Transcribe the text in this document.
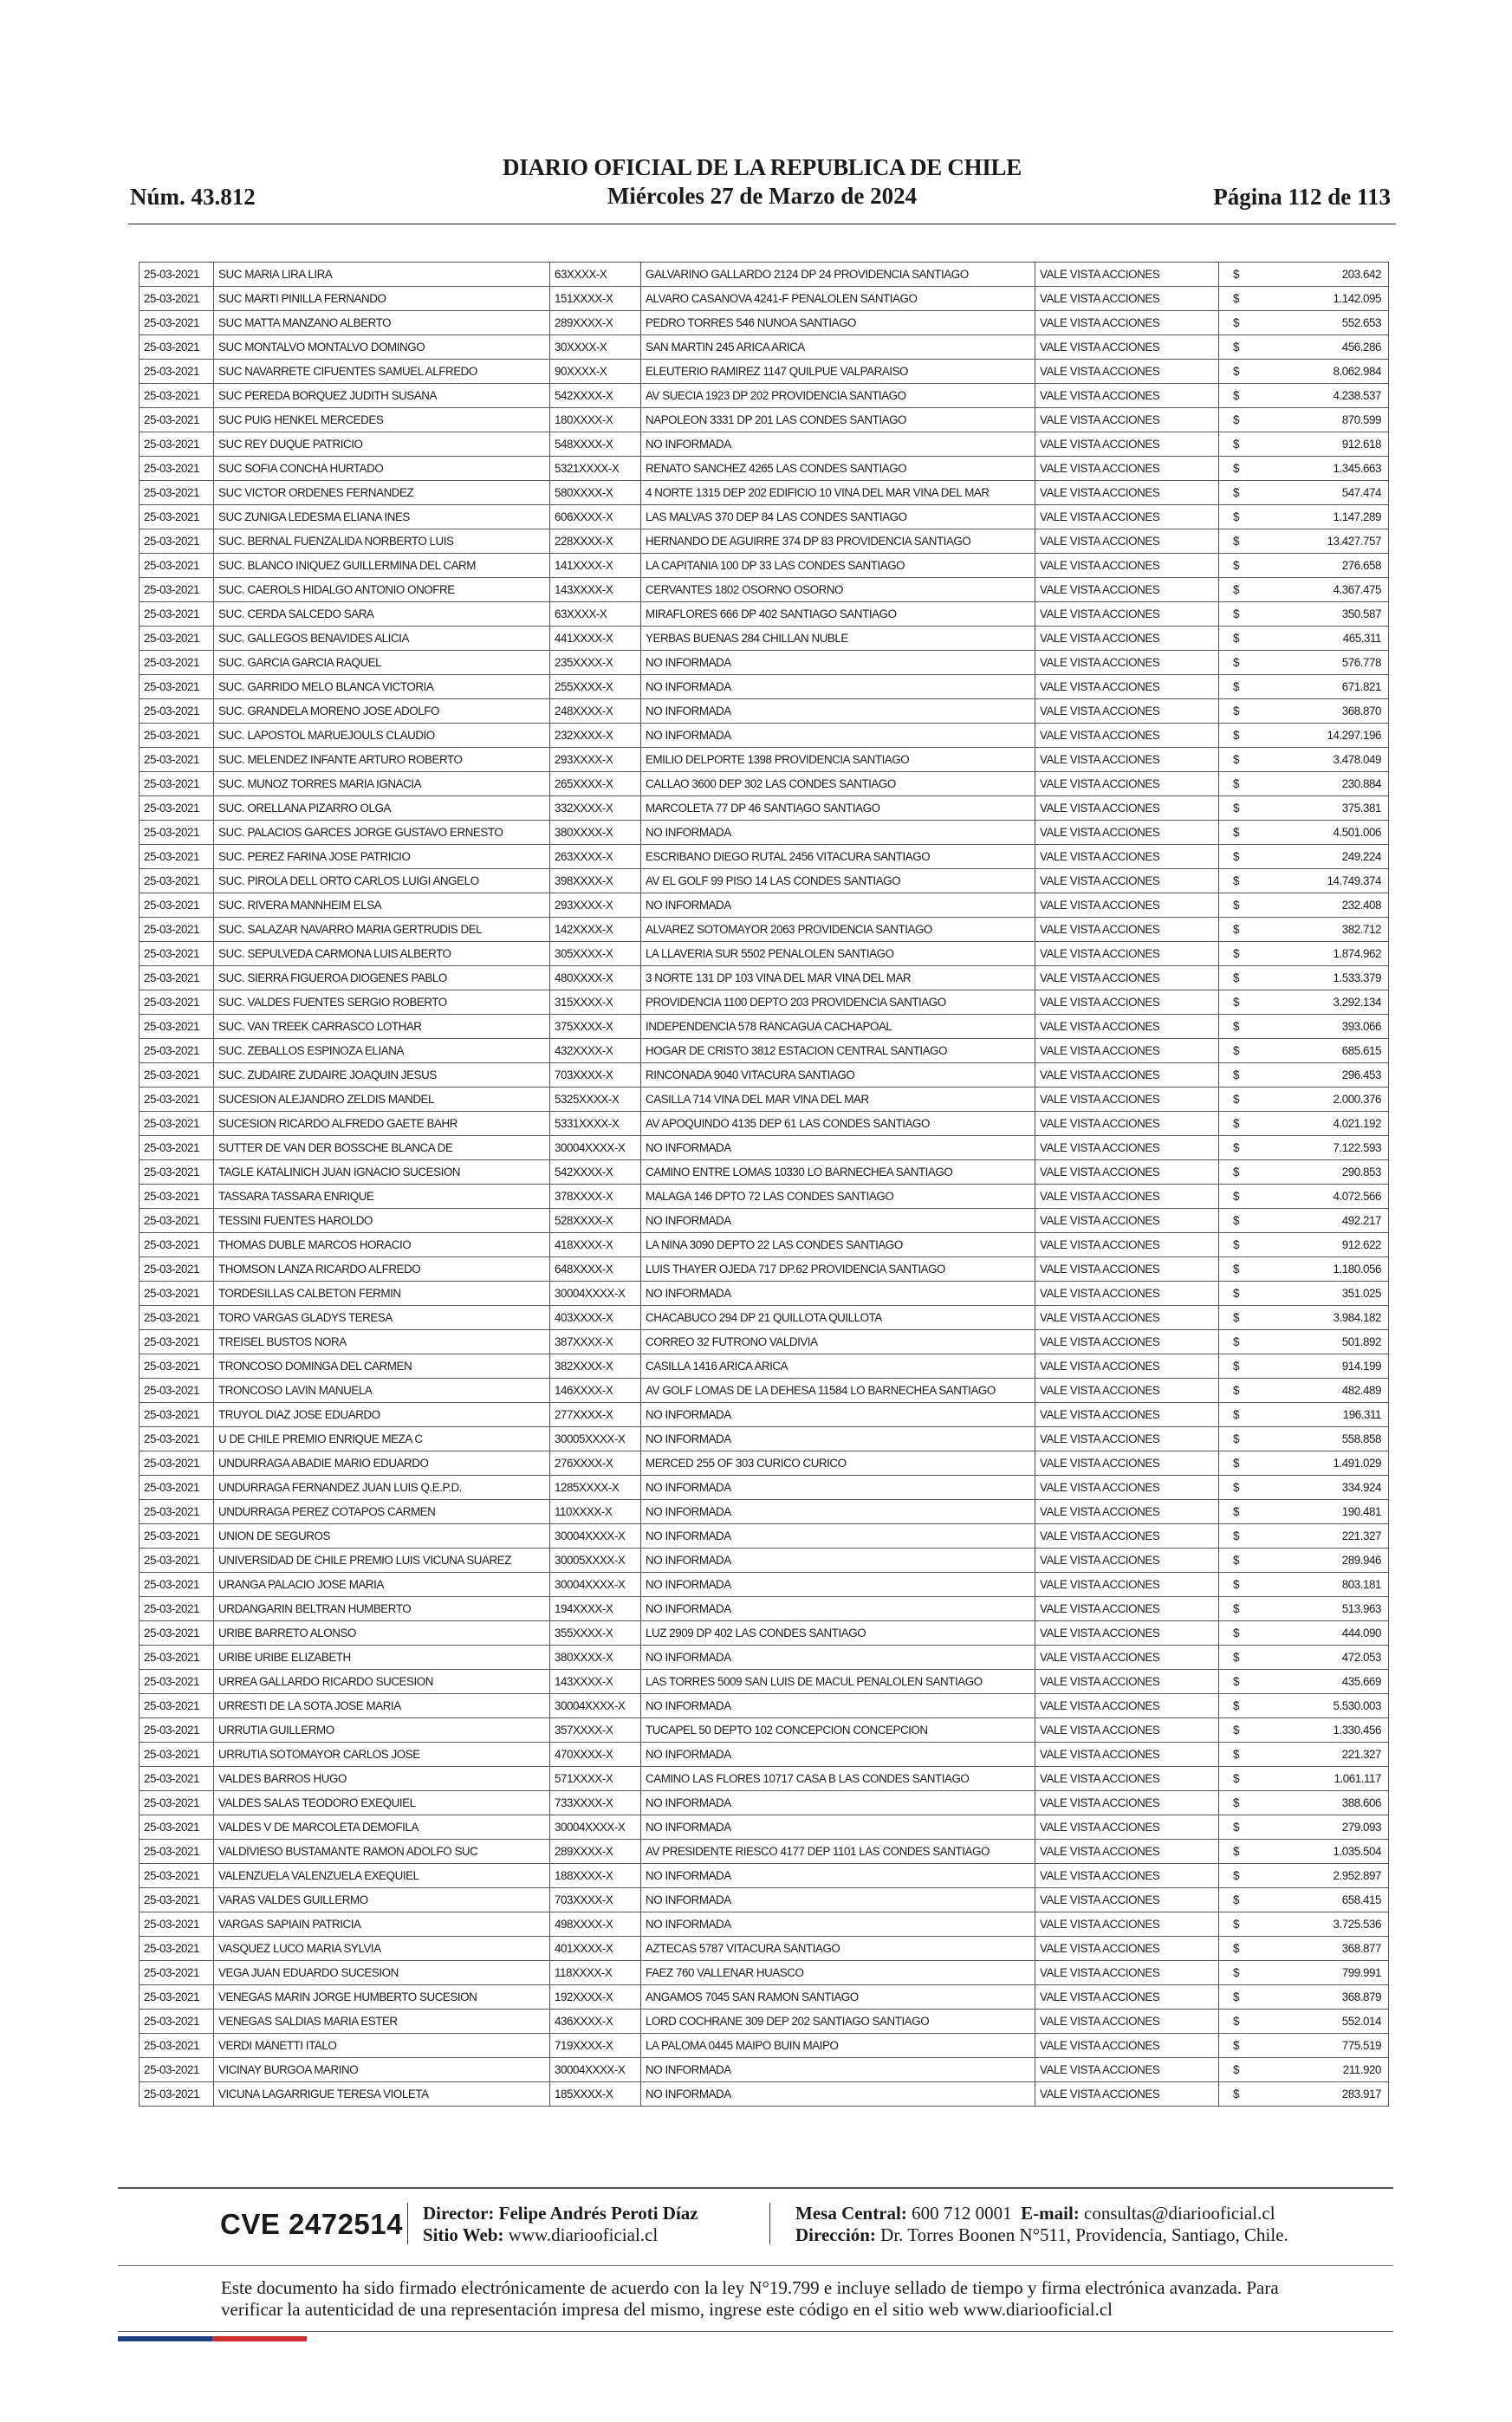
Núm. 43.812
DIARIO OFICIAL DE LA REPUBLICA DE CHILE
Miércoles 27 de Marzo de 2024	Página 112 de 113
25-03-2021	SUC MARIA LIRA LIRA	63XXXX-X	GALVARINO GALLARDO 2124 DP 24 PROVIDENCIA SANTIAGO	VALE VISTA ACCIONES	$	203.642
25-03-2021	SUC MARTI PINILLA FERNANDO	151XXXX-X	ALVARO CASANOVA 4241-F PENALOLEN SANTIAGO	VALE VISTA ACCIONES	$	1.142.095
25-03-2021	SUC MATTA MANZANO ALBERTO	289XXXX-X	PEDRO TORRES 546 NUNOA SANTIAGO	VALE VISTA ACCIONES	$	552.653
25-03-2021	SUC MONTALVO MONTALVO DOMINGO	30XXXX-X	SAN MARTIN 245 ARICA ARICA	VALE VISTA ACCIONES	$	456.286
25-03-2021	SUC NAVARRETE CIFUENTES SAMUEL ALFREDO	90XXXX-X	ELEUTERIO RAMIREZ 1147 QUILPUE VALPARAISO	VALE VISTA ACCIONES	$	8.062.984
25-03-2021	SUC PEREDA BORQUEZ JUDITH SUSANA	542XXXX-X	AV SUECIA 1923 DP 202 PROVIDENCIA SANTIAGO	VALE VISTA ACCIONES	$	4.238.537
25-03-2021	SUC PUIG HENKEL MERCEDES	180XXXX-X	NAPOLEON 3331 DP 201 LAS CONDES SANTIAGO	VALE VISTA ACCIONES	$	870.599
25-03-2021	SUC REY DUQUE PATRICIO	548XXXX-X	NO INFORMADA	VALE VISTA ACCIONES	$	912.618
25-03-2021	SUC SOFIA CONCHA HURTADO	5321XXXX-X	RENATO SANCHEZ 4265 LAS CONDES SANTIAGO	VALE VISTA ACCIONES	$	1.345.663
25-03-2021	SUC VICTOR ORDENES FERNANDEZ	580XXXX-X	4 NORTE 1315 DEP 202 EDIFICIO 10 VINA DEL MAR VINA DEL MAR	VALE VISTA ACCIONES	$	547.474
25-03-2021	SUC ZUNIGA LEDESMA ELIANA INES	606XXXX-X	LAS MALVAS 370 DEP 84 LAS CONDES SANTIAGO	VALE VISTA ACCIONES	$	1.147.289
25-03-2021	SUC. BERNAL FUENZALIDA NORBERTO LUIS	228XXXX-X	HERNANDO DE AGUIRRE 374 DP 83 PROVIDENCIA SANTIAGO	VALE VISTA ACCIONES	$	13.427.757
25-03-2021	SUC. BLANCO INIQUEZ GUILLERMINA DEL CARM	141XXXX-X	LA CAPITANIA 100 DP 33 LAS CONDES SANTIAGO	VALE VISTA ACCIONES	$	276.658
25-03-2021	SUC. CAEROLS HIDALGO ANTONIO ONOFRE	143XXXX-X	CERVANTES 1802 OSORNO OSORNO	VALE VISTA ACCIONES	$	4.367.475
25-03-2021	SUC. CERDA SALCEDO SARA	63XXXX-X	MIRAFLORES 666 DP 402 SANTIAGO SANTIAGO	VALE VISTA ACCIONES	$	350.587
25-03-2021	SUC. GALLEGOS BENAVIDES ALICIA	441XXXX-X	YERBAS BUENAS 284 CHILLAN NUBLE	VALE VISTA ACCIONES	$	465.311
25-03-2021	SUC. GARCIA GARCIA RAQUEL	235XXXX-X	NO INFORMADA	VALE VISTA ACCIONES	$	576.778
25-03-2021	SUC. GARRIDO MELO BLANCA VICTORIA	255XXXX-X	NO INFORMADA	VALE VISTA ACCIONES	$	671.821
25-03-2021	SUC. GRANDELA MORENO JOSE ADOLFO	248XXXX-X	NO INFORMADA	VALE VISTA ACCIONES	$	368.870
25-03-2021	SUC. LAPOSTOL MARUEJOULS CLAUDIO	232XXXX-X	NO INFORMADA	VALE VISTA ACCIONES	$	14.297.196
25-03-2021	SUC. MELENDEZ INFANTE ARTURO ROBERTO	293XXXX-X	EMILIO DELPORTE 1398 PROVIDENCIA SANTIAGO	VALE VISTA ACCIONES	$	3.478.049
25-03-2021	SUC. MUNOZ TORRES MARIA IGNACIA	265XXXX-X	CALLAO 3600 DEP 302 LAS CONDES SANTIAGO	VALE VISTA ACCIONES	$	230.884
25-03-2021	SUC. ORELLANA PIZARRO OLGA	332XXXX-X	MARCOLETA 77 DP 46 SANTIAGO SANTIAGO	VALE VISTA ACCIONES	$	375.381
25-03-2021	SUC. PALACIOS GARCES JORGE GUSTAVO ERNESTO	380XXXX-X	NO INFORMADA	VALE VISTA ACCIONES	$	4.501.006
25-03-2021	SUC. PEREZ FARINA JOSE PATRICIO	263XXXX-X	ESCRIBANO DIEGO RUTAL 2456 VITACURA SANTIAGO	VALE VISTA ACCIONES	$	249.224
25-03-2021	SUC. PIROLA DELL ORTO CARLOS LUIGI ANGELO	398XXXX-X	AV EL GOLF 99 PISO 14 LAS CONDES SANTIAGO	VALE VISTA ACCIONES	$	14.749.374
25-03-2021	SUC. RIVERA MANNHEIM ELSA	293XXXX-X	NO INFORMADA	VALE VISTA ACCIONES	$	232.408
25-03-2021	SUC. SALAZAR NAVARRO MARIA GERTRUDIS DEL	142XXXX-X	ALVAREZ SOTOMAYOR 2063 PROVIDENCIA SANTIAGO	VALE VISTA ACCIONES	$	382.712
25-03-2021	SUC. SEPULVEDA CARMONA LUIS ALBERTO	305XXXX-X	LA LLAVERIA SUR 5502 PENALOLEN SANTIAGO	VALE VISTA ACCIONES	$	1.874.962
25-03-2021	SUC. SIERRA FIGUEROA DIOGENES PABLO	480XXXX-X	3 NORTE 131 DP 103 VINA DEL MAR VINA DEL MAR	VALE VISTA ACCIONES	$	1.533.379
25-03-2021	SUC. VALDES FUENTES SERGIO ROBERTO	315XXXX-X	PROVIDENCIA 1100 DEPTO 203 PROVIDENCIA SANTIAGO	VALE VISTA ACCIONES	$	3.292.134
25-03-2021	SUC. VAN TREEK CARRASCO LOTHAR	375XXXX-X	INDEPENDENCIA 578 RANCAGUA CACHAPOAL	VALE VISTA ACCIONES	$	393.066
25-03-2021	SUC. ZEBALLOS ESPINOZA ELIANA	432XXXX-X	HOGAR DE CRISTO 3812 ESTACION CENTRAL SANTIAGO	VALE VISTA ACCIONES	$	685.615
25-03-2021	SUC. ZUDAIRE ZUDAIRE JOAQUIN JESUS	703XXXX-X	RINCONADA 9040 VITACURA SANTIAGO	VALE VISTA ACCIONES	$	296.453
25-03-2021	SUCESION ALEJANDRO ZELDIS MANDEL	5325XXXX-X	CASILLA 714 VINA DEL MAR VINA DEL MAR	VALE VISTA ACCIONES	$	2.000.376
25-03-2021	SUCESION RICARDO ALFREDO GAETE BAHR	5331XXXX-X	AV APOQUINDO 4135 DEP 61 LAS CONDES SANTIAGO	VALE VISTA ACCIONES	$	4.021.192
25-03-2021	SUTTER DE VAN DER BOSSCHE BLANCA DE	30004XXXX-X	NO INFORMADA	VALE VISTA ACCIONES	$	7.122.593
25-03-2021	TAGLE KATALINICH JUAN IGNACIO SUCESION	542XXXX-X	CAMINO ENTRE LOMAS 10330 LO BARNECHEA SANTIAGO	VALE VISTA ACCIONES	$	290.853
25-03-2021	TASSARA TASSARA ENRIQUE	378XXXX-X	MALAGA 146 DPTO 72 LAS CONDES SANTIAGO	VALE VISTA ACCIONES	$	4.072.566
25-03-2021	TESSINI FUENTES HAROLDO	528XXXX-X	NO INFORMADA	VALE VISTA ACCIONES	$	492.217
25-03-2021	THOMAS DUBLE MARCOS HORACIO	418XXXX-X	LA NINA 3090 DEPTO 22 LAS CONDES SANTIAGO	VALE VISTA ACCIONES	$	912.622
25-03-2021	THOMSON LANZA RICARDO ALFREDO	648XXXX-X	LUIS THAYER OJEDA 717 DP.62 PROVIDENCIA SANTIAGO	VALE VISTA ACCIONES	$	1.180.056
25-03-2021	TORDESILLAS CALBETON FERMIN	30004XXXX-X	NO INFORMADA	VALE VISTA ACCIONES	$	351.025
25-03-2021	TORO VARGAS GLADYS TERESA	403XXXX-X	CHACABUCO 294 DP 21 QUILLOTA QUILLOTA	VALE VISTA ACCIONES	$	3.984.182
25-03-2021	TREISEL BUSTOS NORA	387XXXX-X	CORREO 32 FUTRONO VALDIVIA	VALE VISTA ACCIONES	$	501.892
25-03-2021	TRONCOSO DOMINGA DEL CARMEN	382XXXX-X	CASILLA 1416 ARICA ARICA	VALE VISTA ACCIONES	$	914.199
25-03-2021	TRONCOSO LAVIN MANUELA	146XXXX-X	AV GOLF LOMAS DE LA DEHESA 11584 LO BARNECHEA SANTIAGO	VALE VISTA ACCIONES	$	482.489
25-03-2021	TRUYOL DIAZ JOSE EDUARDO	277XXXX-X	NO INFORMADA	VALE VISTA ACCIONES	$	196.311
25-03-2021	U DE CHILE PREMIO ENRIQUE MEZA C	30005XXXX-X	NO INFORMADA	VALE VISTA ACCIONES	$	558.858
25-03-2021	UNDURRAGA ABADIE MARIO EDUARDO	276XXXX-X	MERCED 255 OF 303 CURICO CURICO	VALE VISTA ACCIONES	$	1.491.029
25-03-2021	UNDURRAGA FERNANDEZ JUAN LUIS Q.E.P.D.	1285XXXX-X	NO INFORMADA	VALE VISTA ACCIONES	$	334.924
25-03-2021	UNDURRAGA PEREZ COTAPOS CARMEN	110XXXX-X	NO INFORMADA	VALE VISTA ACCIONES	$	190.481
25-03-2021	UNION DE SEGUROS	30004XXXX-X	NO INFORMADA	VALE VISTA ACCIONES	$	221.327
25-03-2021	UNIVERSIDAD DE CHILE PREMIO LUIS VICUNA SUAREZ	30005XXXX-X	NO INFORMADA	VALE VISTA ACCIONES	$	289.946
25-03-2021	URANGA PALACIO JOSE MARIA	30004XXXX-X	NO INFORMADA	VALE VISTA ACCIONES	$	803.181
25-03-2021	URDANGARIN BELTRAN HUMBERTO	194XXXX-X	NO INFORMADA	VALE VISTA ACCIONES	$	513.963
25-03-2021	URIBE BARRETO ALONSO	355XXXX-X	LUZ 2909 DP 402 LAS CONDES SANTIAGO	VALE VISTA ACCIONES	$	444.090
25-03-2021	URIBE URIBE ELIZABETH	380XXXX-X	NO INFORMADA	VALE VISTA ACCIONES	$	472.053
25-03-2021	URREA GALLARDO RICARDO SUCESION	143XXXX-X	LAS TORRES 5009 SAN LUIS DE MACUL PENALOLEN SANTIAGO	VALE VISTA ACCIONES	$	435.669
25-03-2021	URRESTI DE LA SOTA JOSE MARIA	30004XXXX-X	NO INFORMADA	VALE VISTA ACCIONES	$	5.530.003
25-03-2021	URRUTIA GUILLERMO	357XXXX-X	TUCAPEL 50 DEPTO 102 CONCEPCION CONCEPCION	VALE VISTA ACCIONES	$	1.330.456
25-03-2021	URRUTIA SOTOMAYOR CARLOS JOSE	470XXXX-X	NO INFORMADA	VALE VISTA ACCIONES	$	221.327
25-03-2021	VALDES BARROS HUGO	571XXXX-X	CAMINO LAS FLORES 10717 CASA B LAS CONDES SANTIAGO	VALE VISTA ACCIONES	$	1.061.117
25-03-2021	VALDES SALAS TEODORO EXEQUIEL	733XXXX-X	NO INFORMADA	VALE VISTA ACCIONES	$	388.606
25-03-2021	VALDES V DE MARCOLETA DEMOFILA	30004XXXX-X	NO INFORMADA	VALE VISTA ACCIONES	$	279.093
25-03-2021	VALDIVIESO BUSTAMANTE RAMON ADOLFO SUC	289XXXX-X	AV PRESIDENTE RIESCO 4177 DEP 1101 LAS CONDES SANTIAGO	VALE VISTA ACCIONES	$	1.035.504
25-03-2021	VALENZUELA VALENZUELA EXEQUIEL	188XXXX-X	NO INFORMADA	VALE VISTA ACCIONES	$	2.952.897
25-03-2021	VARAS VALDES GUILLERMO	703XXXX-X	NO INFORMADA	VALE VISTA ACCIONES	$	658.415
25-03-2021	VARGAS SAPIAIN PATRICIA	498XXXX-X	NO INFORMADA	VALE VISTA ACCIONES	$	3.725.536
25-03-2021	VASQUEZ LUCO MARIA SYLVIA	401XXXX-X	AZTECAS 5787 VITACURA SANTIAGO	VALE VISTA ACCIONES	$	368.877
25-03-2021	VEGA JUAN EDUARDO SUCESION	118XXXX-X	FAEZ 760 VALLENAR HUASCO	VALE VISTA ACCIONES	$	799.991
25-03-2021	VENEGAS MARIN JORGE HUMBERTO SUCESION	192XXXX-X	ANGAMOS 7045 SAN RAMON SANTIAGO	VALE VISTA ACCIONES	$	368.879
25-03-2021	VENEGAS SALDIAS MARIA ESTER	436XXXX-X	LORD COCHRANE 309 DEP 202 SANTIAGO SANTIAGO	VALE VISTA ACCIONES	$	552.014
25-03-2021	VERDI MANETTI ITALO	719XXXX-X	LA PALOMA 0445 MAIPO BUIN MAIPO	VALE VISTA ACCIONES	$	775.519
25-03-2021	VICINAY BURGOA MARINO	30004XXXX-X	NO INFORMADA	VALE VISTA ACCIONES	$	211.920
25-03-2021	VICUNA LAGARRIGUE TERESA VIOLETA	185XXXX-X	NO INFORMADA	VALE VISTA ACCIONES	$	283.917
CVE 2472514 Director: Felipe Andrés Peroti Díaz
Sitio Web: www.diariooficial.cl
Mesa Central: 600 712 0001 E-mail: consultas@diariooficial.cl
Dirección: Dr. Torres Boonen N°511, Providencia, Santiago, Chile.
Este documento ha sido firmado electrónicamente de acuerdo con la ley N°19.799 e incluye sellado de tiempo y firma electrónica avanzada. Para verificar la autenticidad de una representación impresa del mismo, ingrese este código en el sitio web www.diariooficial.cl
